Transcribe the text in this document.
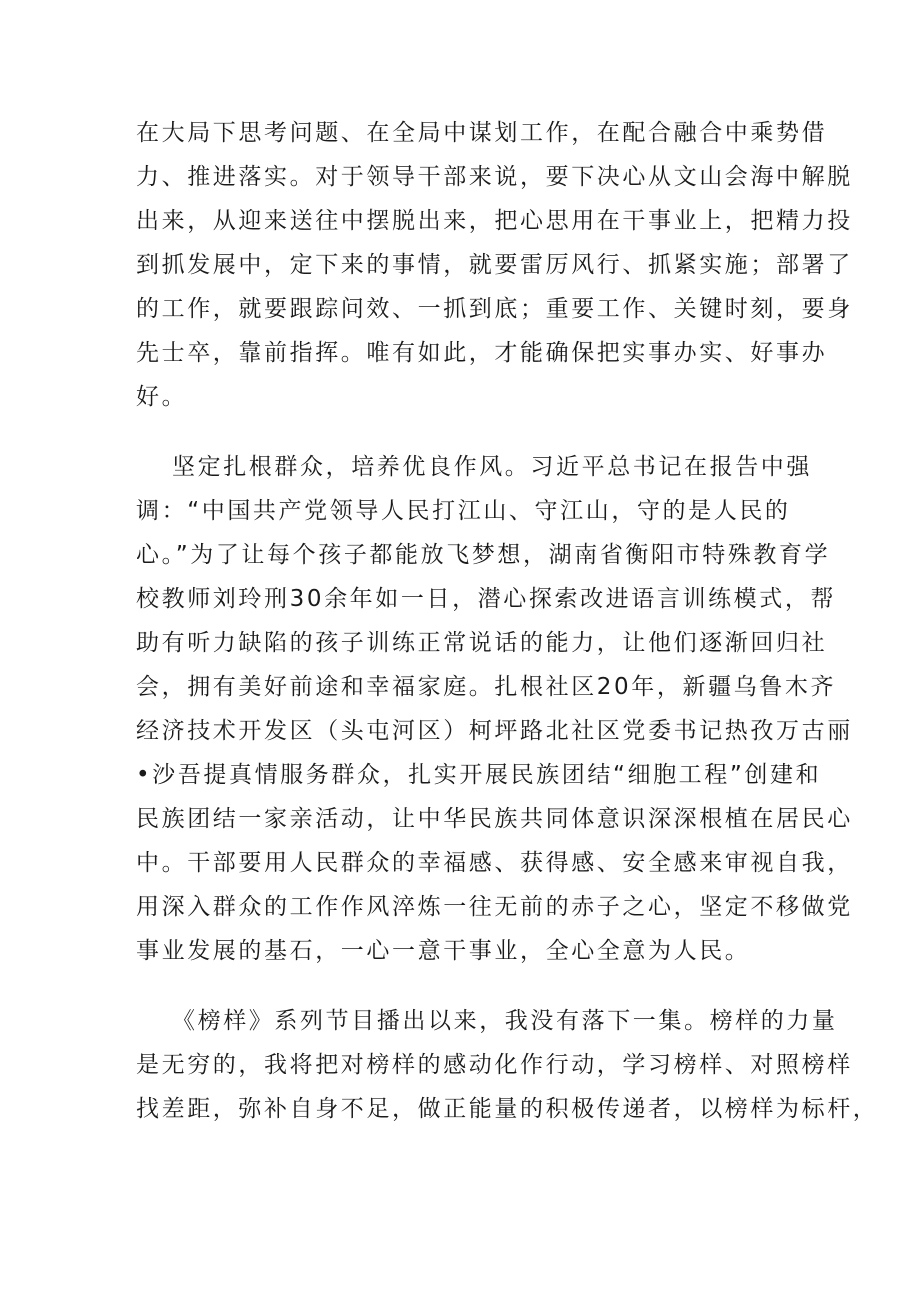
在大局下思考问题、在全局中谋划工作，在配合融合中乘势借
力、推进落实。对于领导干部来说，要下决心从文山会海中解脱
出来，从迎来送往中摆脱出来，把心思用在干事业上，把精力投
到抓发展中，定下来的事情，就要雷厉风行、抓紧实施；部署了
的工作，就要跟踪问效、一抓到底；重要工作、关键时刻，要身
先士卒，靠前指挥。唯有如此，才能确保把实事办实、好事办
好。
坚定扎根群众，培养优良作风。习近平总书记在报告中强
调：“中国共产党领导人民打江山、守江山，守的是人民的
心。”为了让每个孩子都能放飞梦想，湖南省衡阳市特殊教育学
校教师刘玲刑30余年如一日，潜心探索改进语言训练模式，帮
助有听力缺陷的孩子训练正常说话的能力，让他们逐渐回归社
会，拥有美好前途和幸福家庭。扎根社区20年，新疆乌鲁木齐
经济技术开发区（头屯河区）柯坪路北社区党委书记热孜万古丽
•沙吾提真情服务群众，扎实开展民族团结“细胞工程”创建和
民族团结一家亲活动，让中华民族共同体意识深深根植在居民心
中。干部要用人民群众的幸福感、获得感、安全感来审视自我，
用深入群众的工作作风淬炼一往无前的赤子之心，坚定不移做党
事业发展的基石，一心一意干事业，全心全意为人民。
《榜样》系列节目播出以来，我没有落下一集。榜样的力量
是无穷的，我将把对榜样的感动化作行动，学习榜样、对照榜样
找差距，弥补自身不足，做正能量的积极传递者，以榜样为标杆，
